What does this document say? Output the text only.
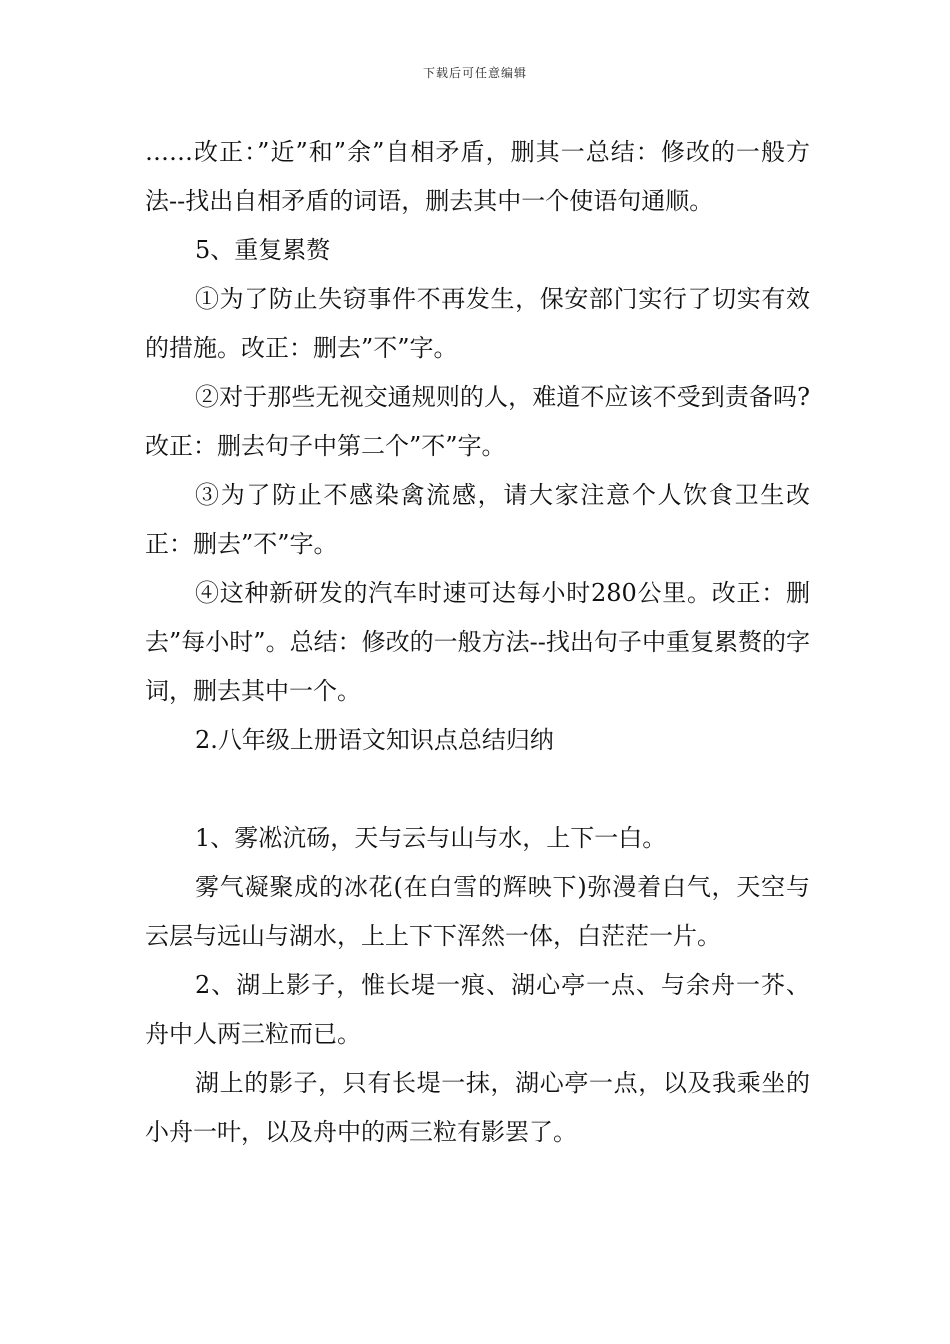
下载后可任意编辑

……改正：”近”和”余”自相矛盾，删其一总结：修改的一般方法--找出自相矛盾的词语，删去其中一个使语句通顺。

5、重复累赘

①为了防止失窃事件不再发生，保安部门实行了切实有效的措施。改正：删去”不”字。

②对于那些无视交通规则的人，难道不应该不受到责备吗?改正：删去句子中第二个”不”字。

③为了防止不感染禽流感，请大家注意个人饮食卫生改正：删去”不”字。

④这种新研发的汽车时速可达每小时280公里。改正：删去”每小时”。总结：修改的一般方法--找出句子中重复累赘的字词，删去其中一个。

2.八年级上册语文知识点总结归纳

1、雾凇沆砀，天与云与山与水，上下一白。

雾气凝聚成的冰花(在白雪的辉映下)弥漫着白气，天空与云层与远山与湖水，上上下下浑然一体，白茫茫一片。

2、湖上影子，惟长堤一痕、湖心亭一点、与余舟一芥、舟中人两三粒而已。

湖上的影子，只有长堤一抹，湖心亭一点，以及我乘坐的小舟一叶，以及舟中的两三粒有影罢了。
